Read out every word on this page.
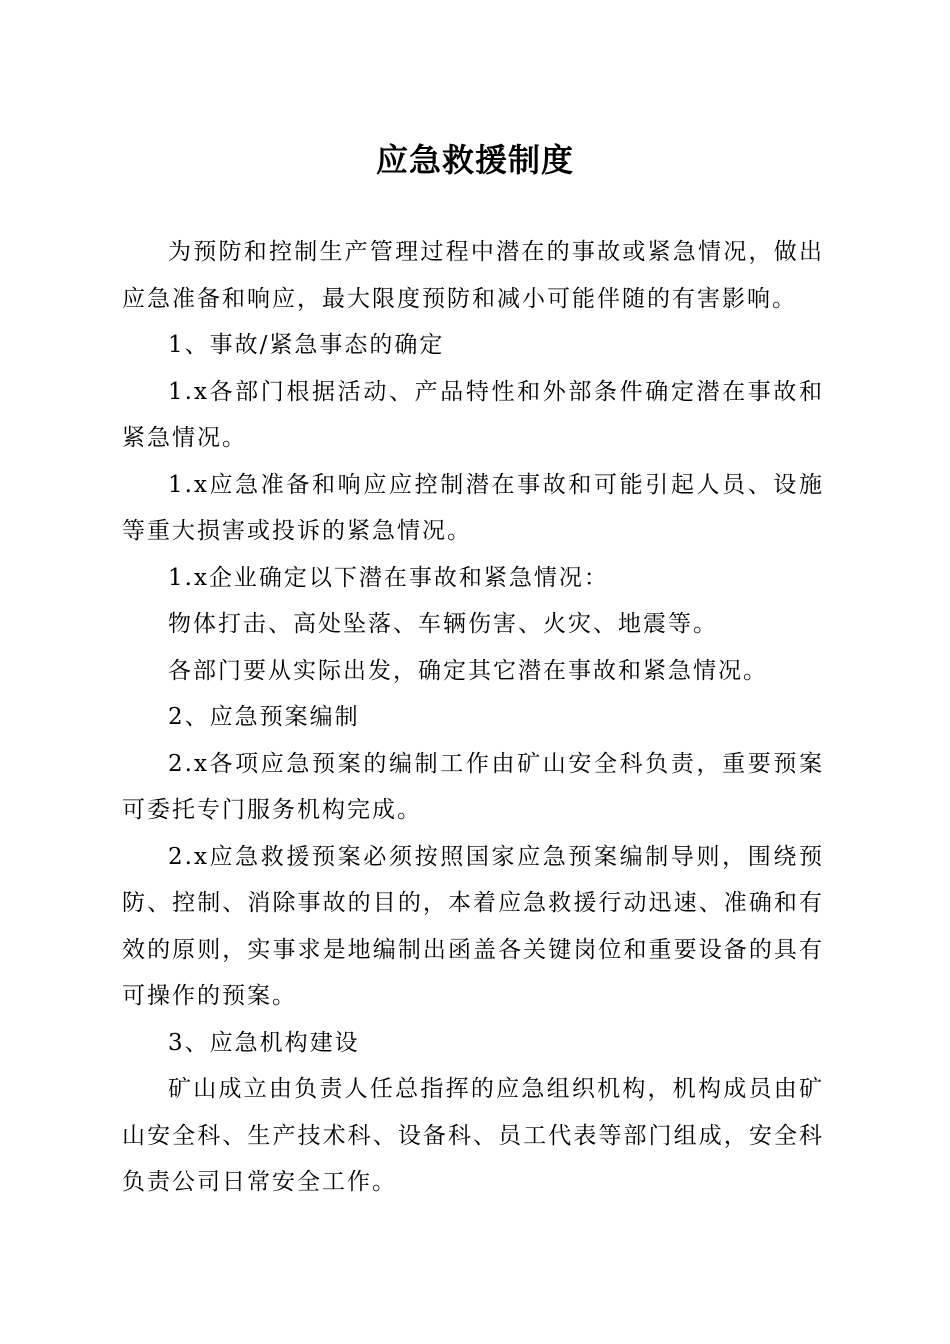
应急救援制度

为预防和控制生产管理过程中潜在的事故或紧急情况，做出应急准备和响应，最大限度预防和减小可能伴随的有害影响。

1、事故/紧急事态的确定

1.x各部门根据活动、产品特性和外部条件确定潜在事故和紧急情况。

1.x应急准备和响应应控制潜在事故和可能引起人员、设施等重大损害或投诉的紧急情况。

1.x企业确定以下潜在事故和紧急情况：

物体打击、高处坠落、车辆伤害、火灾、地震等。

各部门要从实际出发，确定其它潜在事故和紧急情况。

2、应急预案编制

2.x各项应急预案的编制工作由矿山安全科负责，重要预案可委托专门服务机构完成。

2.x应急救援预案必须按照国家应急预案编制导则，围绕预防、控制、消除事故的目的，本着应急救援行动迅速、准确和有效的原则，实事求是地编制出函盖各关键岗位和重要设备的具有可操作的预案。

3、应急机构建设

矿山成立由负责人任总指挥的应急组织机构，机构成员由矿山安全科、生产技术科、设备科、员工代表等部门组成，安全科负责公司日常安全工作。
